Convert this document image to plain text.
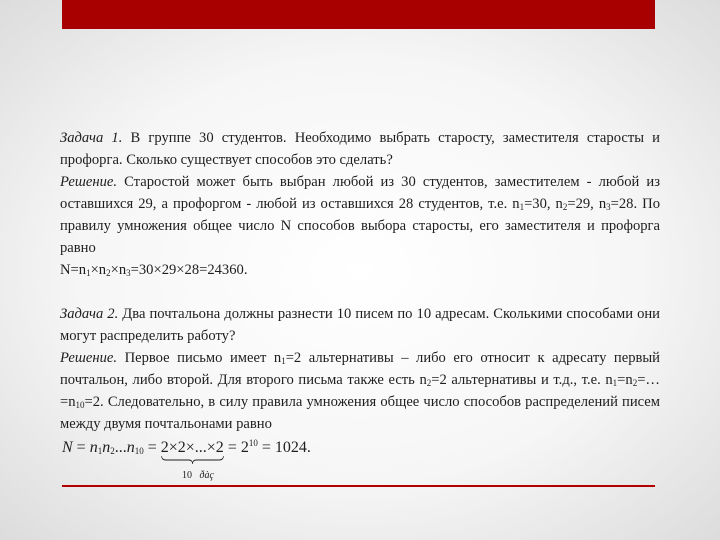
Задача 1. В группе 30 студентов. Необходимо выбрать старосту, заместителя старосты и профорга. Сколько существует способов это сделать?

Решение. Старостой может быть выбран любой из 30 студентов, заместителем - любой из оставшихся 29, а профоргом - любой из оставшихся 28 студентов, т.е. $n_1=30$, $n_2=29$, $n_3=28$. По правилу умножения общее число N способов выбора старосты, его заместителя и профорга равно

$N=n_1\times n_2\times n_3=30\times 29\times 28=24360$.

Задача 2. Два почтальона должны разнести 10 писем по 10 адресам. Сколькими способами они могут распределить работу?

Решение. Первое письмо имеет $n_1=2$ альтернативы – либо его относит к адресату первый почтальон, либо второй. Для второго письма также есть $n_2=2$ альтернативы и т.д., т.е. $n_1=n_2=\dots=n_{10}=2$. Следовательно, в силу правила умножения общее число способов распределений писем между двумя почтальонами равно

$N = n_1n_2...n_{10} = 2\times 2\times...\times 2$
= $2^{10} = 1024$.
10 ðàç
